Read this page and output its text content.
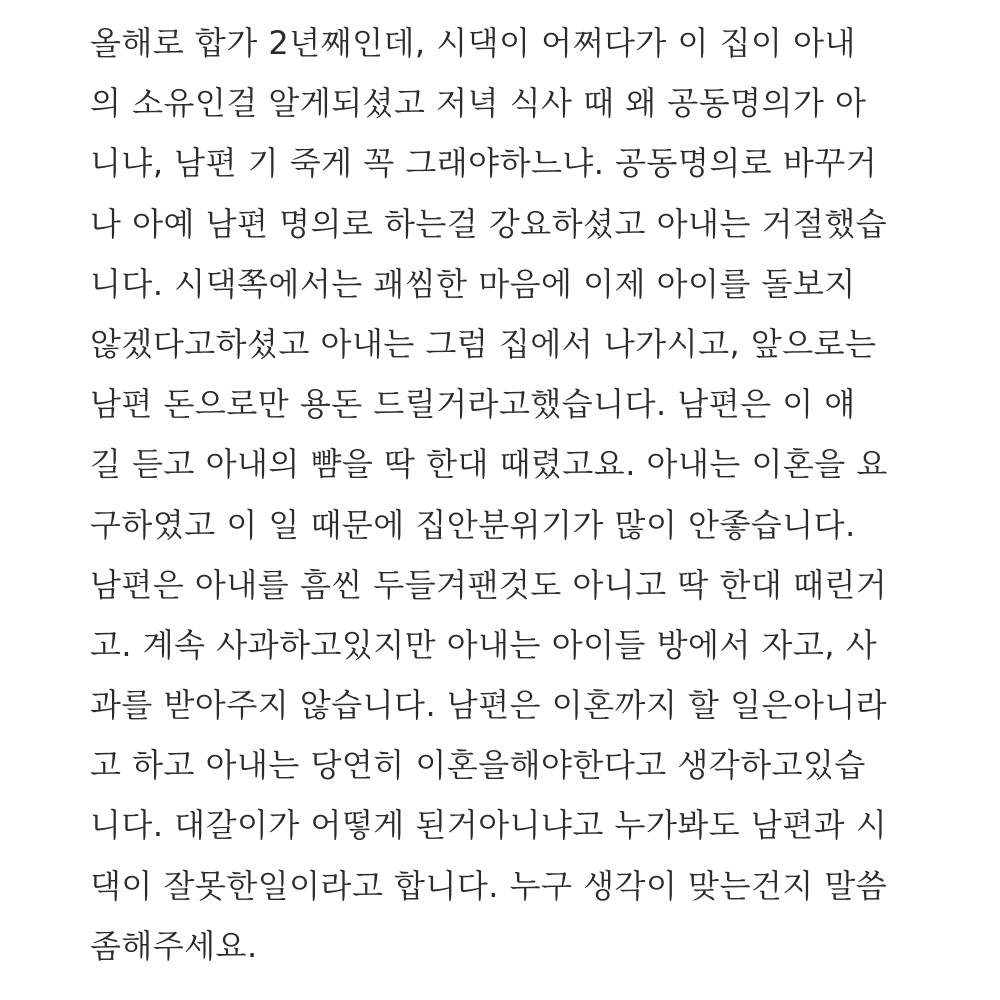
올해로 합가 2년째인데, 시댁이 어쩌다가 이 집이 아내
의 소유인걸 알게되셨고 저녁 식사 때 왜 공동명의가 아
니냐, 남편 기 죽게 꼭 그래야하느냐. 공동명의로 바꾸거
나 아예 남편 명의로 하는걸 강요하셨고 아내는 거절했습
니다. 시댁쪽에서는 괘씸한 마음에 이제 아이를 돌보지
않겠다고하셨고 아내는 그럼 집에서 나가시고, 앞으로는
남편 돈으로만 용돈 드릴거라고했습니다. 남편은 이 얘
길 듣고 아내의 뺨을 딱 한대 때렸고요. 아내는 이혼을 요
구하였고 이 일 때문에 집안분위기가 많이 안좋습니다.
남편은 아내를 흠씬 두들겨팬것도 아니고 딱 한대 때린거
고. 계속 사과하고있지만 아내는 아이들 방에서 자고, 사
과를 받아주지 않습니다. 남편은 이혼까지 할 일은아니라
고 하고 아내는 당연히 이혼을해야한다고 생각하고있습
니다. 대갈이가 어떻게 된거아니냐고 누가봐도 남편과 시
댁이 잘못한일이라고 합니다. 누구 생각이 맞는건지 말씀
좀해주세요.
